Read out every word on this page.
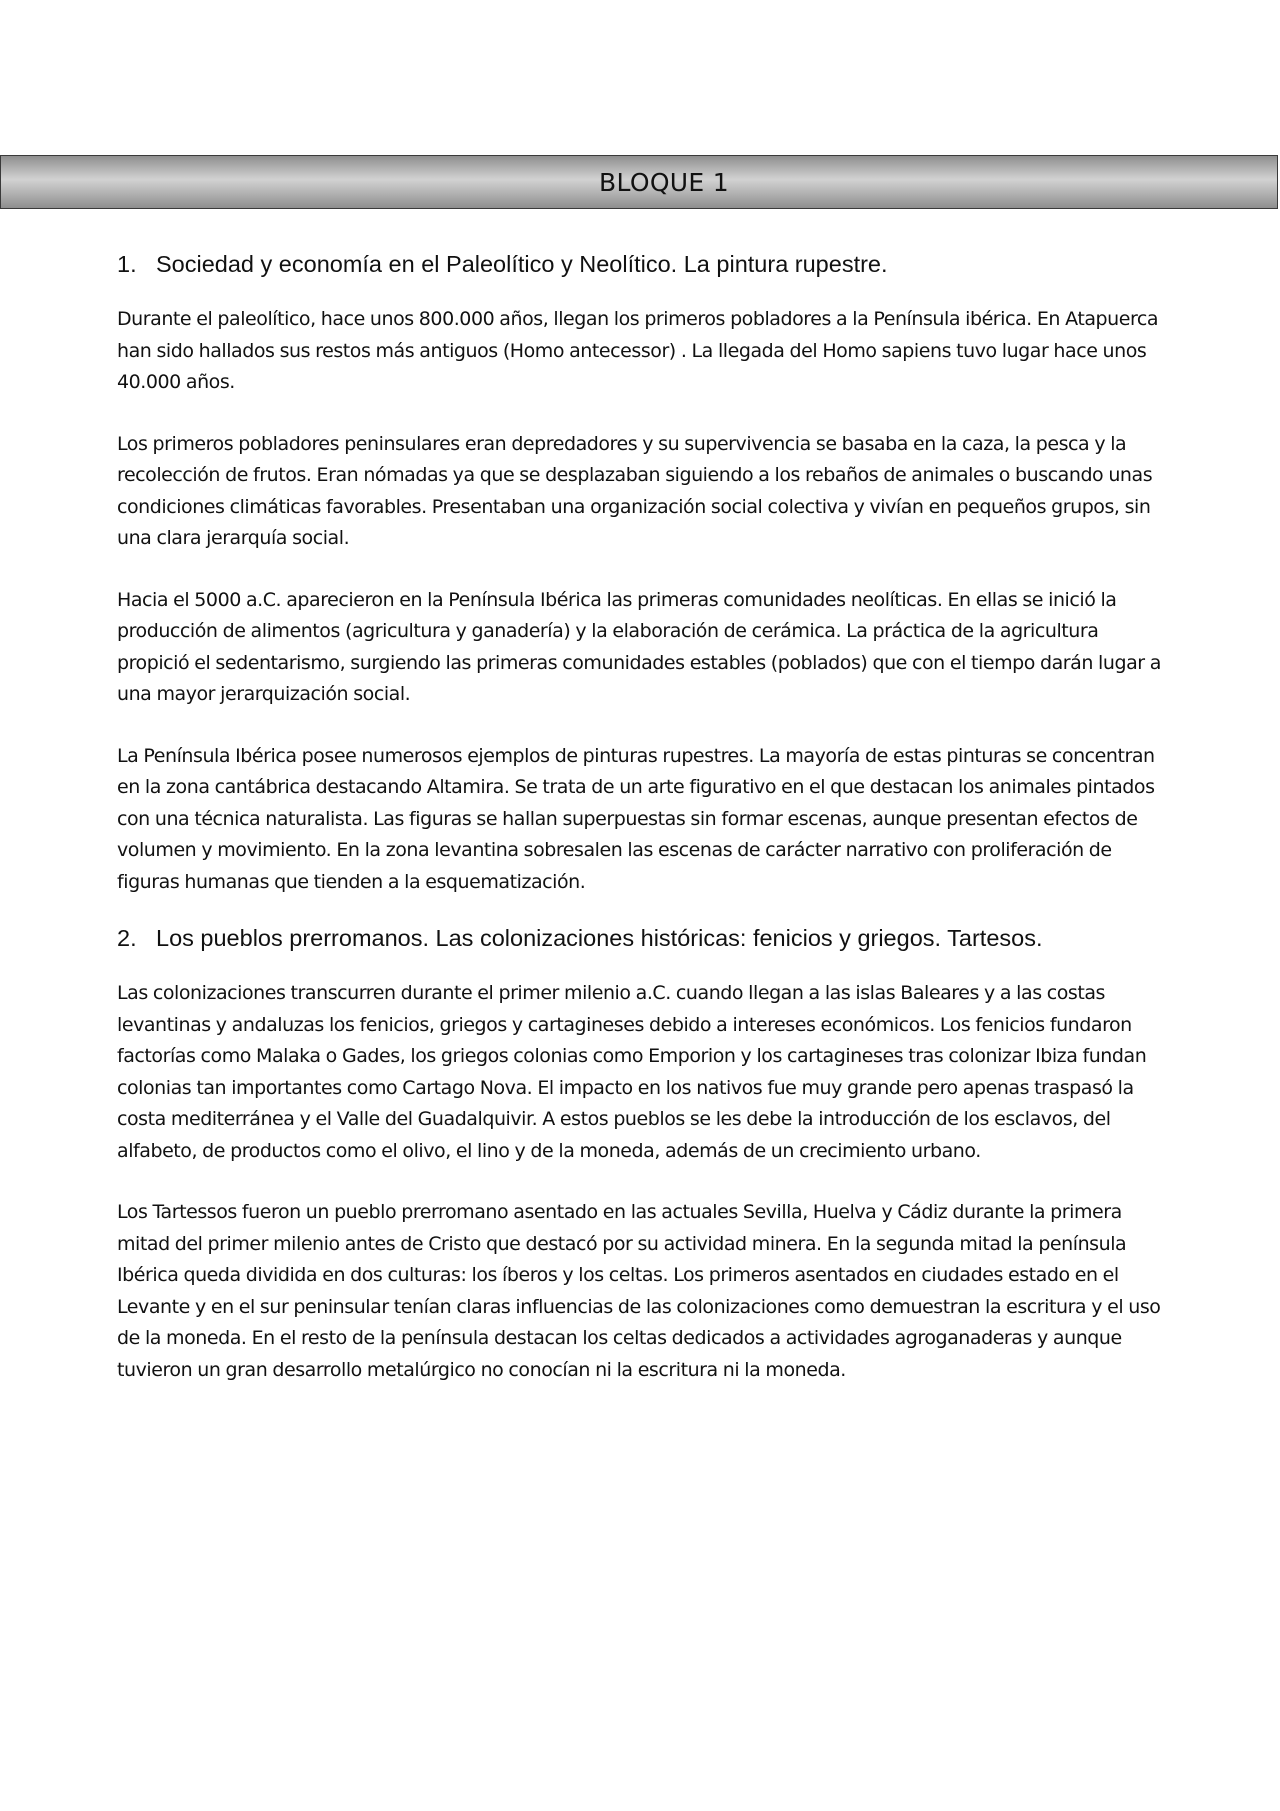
BLOQUE 1
1. Sociedad y economía en el Paleolítico y Neolítico. La pintura rupestre.

Durante el paleolítico, hace unos 800.000 años, llegan los primeros pobladores a la Península ibérica. En Atapuerca han sido hallados sus restos más antiguos (Homo antecessor) . La llegada del Homo sapiens tuvo lugar hace unos 40.000 años.

Los primeros pobladores peninsulares eran depredadores y su supervivencia se basaba en la caza, la pesca y la recolección de frutos. Eran nómadas ya que se desplazaban siguiendo a los rebaños de animales o buscando unas condiciones climáticas favorables. Presentaban una organización social colectiva y vivían en pequeños grupos, sin una clara jerarquía social.

Hacia el 5000 a.C. aparecieron en la Península Ibérica las primeras comunidades neolíticas. En ellas se inició la producción de alimentos (agricultura y ganadería) y la elaboración de cerámica. La práctica de la agricultura propició el sedentarismo, surgiendo las primeras comunidades estables (poblados) que con el tiempo darán lugar a una mayor jerarquización social.

La Península Ibérica posee numerosos ejemplos de pinturas rupestres. La mayoría de estas pinturas se concentran en la zona cantábrica destacando Altamira. Se trata de un arte figurativo en el que destacan los animales pintados con una técnica naturalista. Las figuras se hallan superpuestas sin formar escenas, aunque presentan efectos de volumen y movimiento. En la zona levantina sobresalen las escenas de carácter narrativo con proliferación de figuras humanas que tienden a la esquematización.

2. Los pueblos prerromanos. Las colonizaciones históricas: fenicios y griegos. Tartesos.

Las colonizaciones transcurren durante el primer milenio a.C. cuando llegan a las islas Baleares y a las costas levantinas y andaluzas los fenicios, griegos y cartagineses debido a intereses económicos. Los fenicios fundaron factorías como Malaka o Gades, los griegos colonias como Emporion y los cartagineses tras colonizar Ibiza fundan colonias tan importantes como Cartago Nova. El impacto en los nativos fue muy grande pero apenas traspasó la costa mediterránea y el Valle del Guadalquivir. A estos pueblos se les debe la introducción de los esclavos, del alfabeto, de productos como el olivo, el lino y de la moneda, además de un crecimiento urbano.

Los Tartessos fueron un pueblo prerromano asentado en las actuales Sevilla, Huelva y Cádiz durante la primera mitad del primer milenio antes de Cristo que destacó por su actividad minera. En la segunda mitad la península Ibérica queda dividida en dos culturas: los íberos y los celtas. Los primeros asentados en ciudades estado en el Levante y en el sur peninsular tenían claras influencias de las colonizaciones como demuestran la escritura y el uso de la moneda. En el resto de la península destacan los celtas dedicados a actividades agroganaderas y aunque tuvieron un gran desarrollo metalúrgico no conocían ni la escritura ni la moneda.
